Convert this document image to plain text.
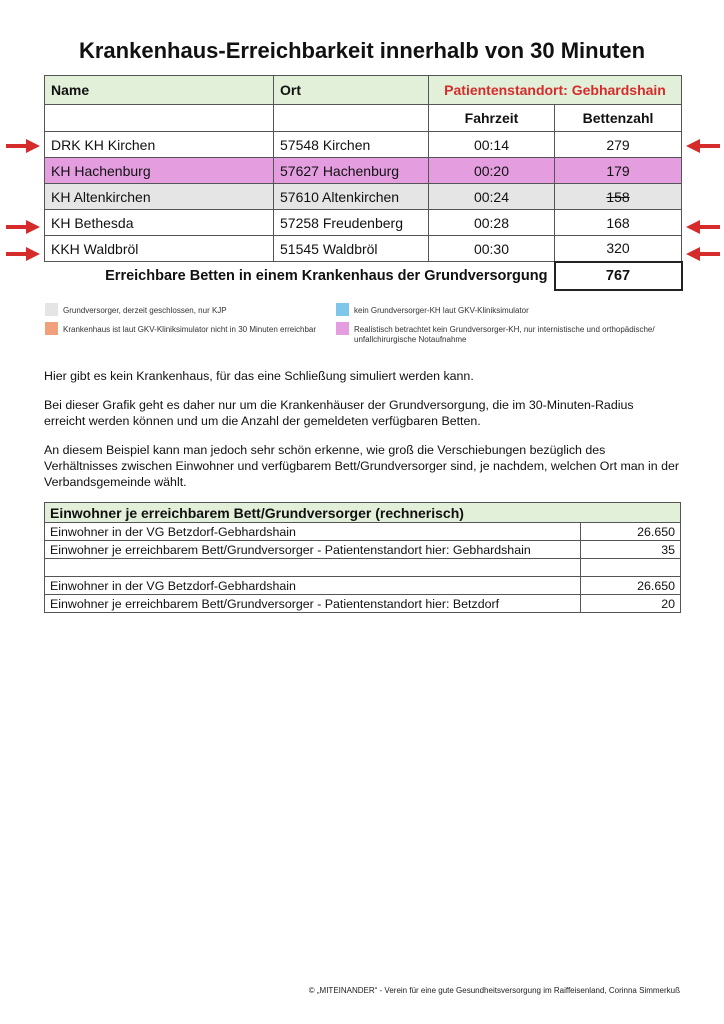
Krankenhaus-Erreichbarkeit innerhalb von 30 Minuten
Name	Ort	Patientenstandort: Gebhardshain	
		Fahrzeit	Bettenzahl
DRK KH Kirchen	57548 Kirchen	00:14	279
KH Hachenburg	57627 Hachenburg	00:20	179
KH Altenkirchen	57610 Altenkirchen	00:24	158
KH Bethesda	57258 Freudenberg	00:28	168
KKH Waldbröl	51545 Waldbröl	00:30	320
Erreichbare Betten in einem Krankenhaus der Grundversorgung			767
Grundversorger, derzeit geschlossen, nur KJP	kein Grundversorger-KH laut GKV-Kliniksimulator
Krankenhaus ist laut GKV-Kliniksimulator nicht in 30 Minuten erreichbar	Realistisch betrachtet kein Grundversorger-KH, nur internistische und orthopädische/
unfallchirurgische Notaufnahme

Hier gibt es kein Krankenhaus, für das eine Schließung simuliert werden kann.

Bei dieser Grafik geht es daher nur um die Krankenhäuser der Grundversorgung, die im 30-Minuten-Radius
erreicht werden können und um die Anzahl der gemeldeten verfügbaren Betten.
An diesem Beispiel kann man jedoch sehr schön erkenne, wie groß die Verschiebungen bezüglich des
Verhältnisses zwischen Einwohner und verfügbarem Bett/Grundversorger sind, je nachdem, welchen Ort man in der
Verbandsgemeinde wählt.
Einwohner je erreichbarem Bett/Grundversorger (rechnerisch)	
Einwohner in der VG Betzdorf-Gebhardshain	26.650
Einwohner je erreichbarem Bett/Grundversorger - Patientenstandort hier: Gebhardshain	35

Einwohner in der VG Betzdorf-Gebhardshain	26.650
Einwohner je erreichbarem Bett/Grundversorger - Patientenstandort hier: Betzdorf	20
© „MITEINANDER“ - Verein für eine gute Gesundheitsversorgung im Raiffeisenland, Corinna Simmerkuß
